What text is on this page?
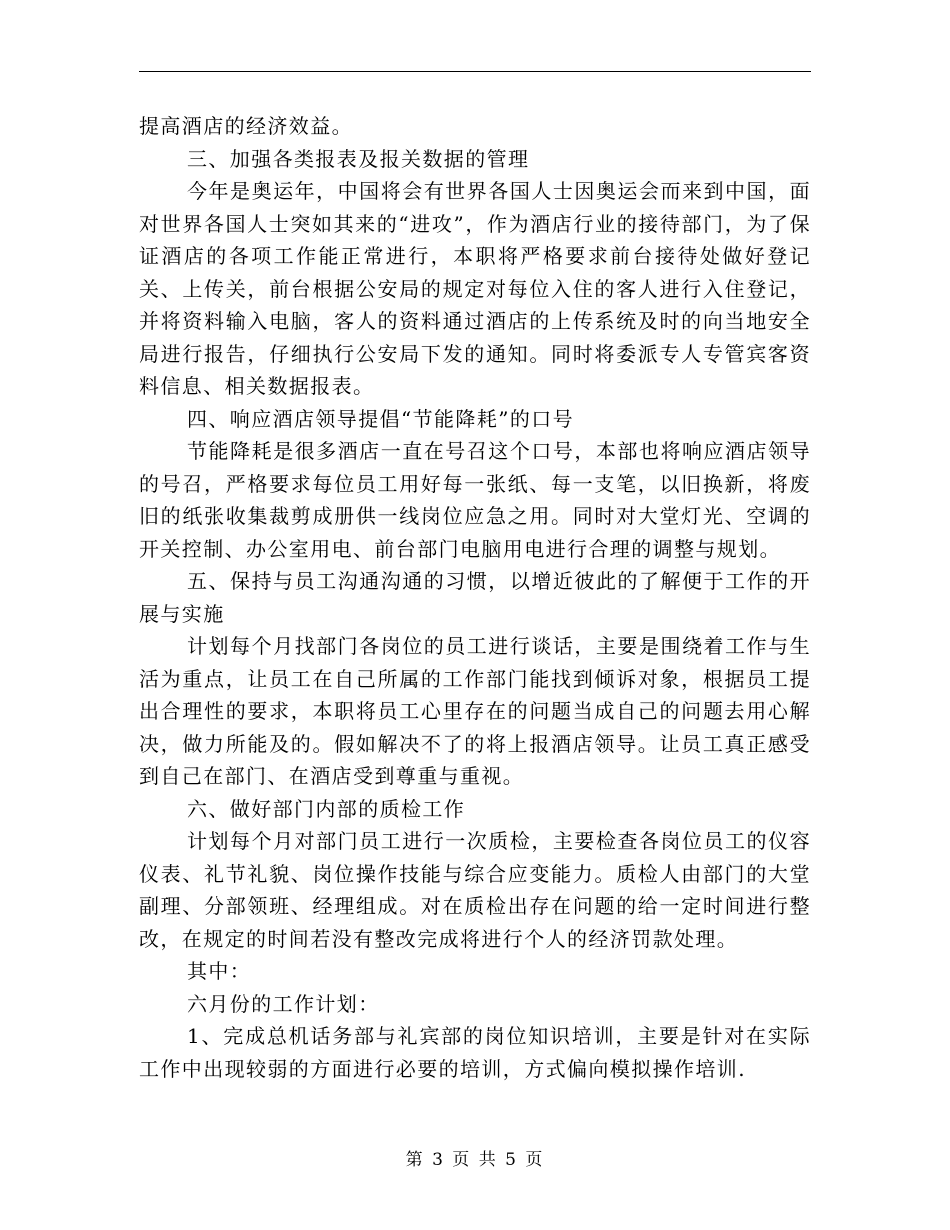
提高酒店的经济效益。

三、加强各类报表及报关数据的管理

今年是奥运年，中国将会有世界各国人士因奥运会而来到中国，面对世界各国人士突如其来的“进攻”，作为酒店行业的接待部门，为了保证酒店的各项工作能正常进行，本职将严格要求前台接待处做好登记关、上传关，前台根据公安局的规定对每位入住的客人进行入住登记，并将资料输入电脑，客人的资料通过酒店的上传系统及时的向当地安全局进行报告，仔细执行公安局下发的通知。同时将委派专人专管宾客资料信息、相关数据报表。

四、响应酒店领导提倡“节能降耗”的口号

节能降耗是很多酒店一直在号召这个口号，本部也将响应酒店领导的号召，严格要求每位员工用好每一张纸、每一支笔，以旧换新，将废旧的纸张收集裁剪成册供一线岗位应急之用。同时对大堂灯光、空调的开关控制、办公室用电、前台部门电脑用电进行合理的调整与规划。

五、保持与员工沟通沟通的习惯，以增近彼此的了解便于工作的开展与实施

计划每个月找部门各岗位的员工进行谈话，主要是围绕着工作与生活为重点，让员工在自己所属的工作部门能找到倾诉对象，根据员工提出合理性的要求，本职将员工心里存在的问题当成自己的问题去用心解决，做力所能及的。假如解决不了的将上报酒店领导。让员工真正感受到自己在部门、在酒店受到尊重与重视。

六、做好部门内部的质检工作

计划每个月对部门员工进行一次质检，主要检查各岗位员工的仪容仪表、礼节礼貌、岗位操作技能与综合应变能力。质检人由部门的大堂副理、分部领班、经理组成。对在质检出存在问题的给一定时间进行整改，在规定的时间若没有整改完成将进行个人的经济罚款处理。

其中：

六月份的工作计划：

1、完成总机话务部与礼宾部的岗位知识培训，主要是针对在实际工作中出现较弱的方面进行必要的培训，方式偏向模拟操作培训.

第 3 页 共 5 页
